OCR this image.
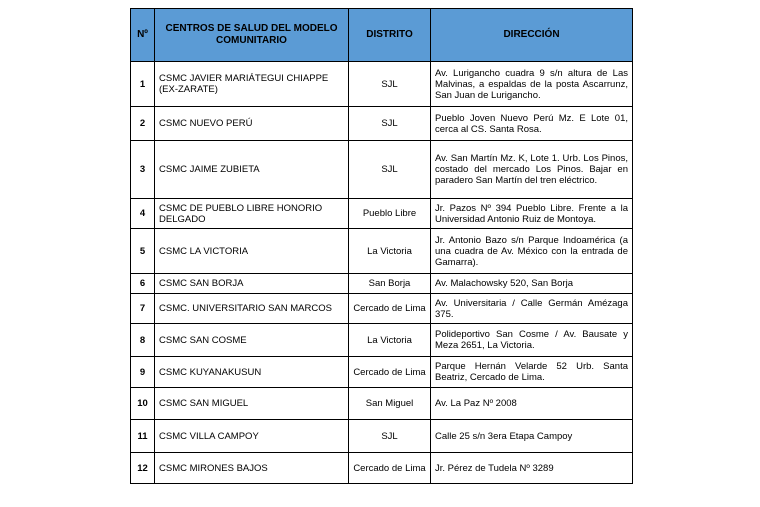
Nº	CENTROS DE SALUD DEL MODELO COMUNITARIO	DISTRITO	DIRECCIÓN
1	CSMC JAVIER MARIÁTEGUI CHIAPPE (EX-ZARATE)	SJL	Av. Lurigancho cuadra 9 s/n altura de Las Malvinas, a espaldas de la posta Ascarrunz, San Juan de Lurigancho.
2	CSMC NUEVO PERÚ	SJL	Pueblo Joven Nuevo Perú Mz. E Lote 01, cerca al CS. Santa Rosa.
3	CSMC JAIME ZUBIETA	SJL	Av. San Martín Mz. K, Lote 1. Urb. Los Pinos, costado del mercado Los Pinos. Bajar en paradero San Martín del tren eléctrico.
4	CSMC DE PUEBLO LIBRE HONORIO DELGADO	Pueblo Libre	Jr. Pazos Nº 394 Pueblo Libre. Frente a la Universidad Antonio Ruiz de Montoya.
5	CSMC LA VICTORIA	La Victoria	Jr. Antonio Bazo s/n Parque Indoamérica (a una cuadra de Av. México con la entrada de Gamarra).
6	CSMC SAN BORJA	San Borja	Av. Malachowsky 520, San Borja
7	CSMC. UNIVERSITARIO SAN MARCOS	Cercado de Lima	Av. Universitaria / Calle Germán Amézaga 375.
8	CSMC SAN COSME	La Victoria	Polideportivo San Cosme / Av. Bausate y Meza 2651, La Victoria.
9	CSMC KUYANAKUSUN	Cercado de Lima	Parque Hernán Velarde 52 Urb. Santa Beatriz, Cercado de Lima.
10	CSMC SAN MIGUEL	San Miguel	Av. La Paz Nº 2008
11	CSMC VILLA CAMPOY	SJL	Calle 25 s/n 3era Etapa Campoy
12	CSMC MIRONES BAJOS	Cercado de Lima	Jr. Pérez de Tudela Nº 3289
